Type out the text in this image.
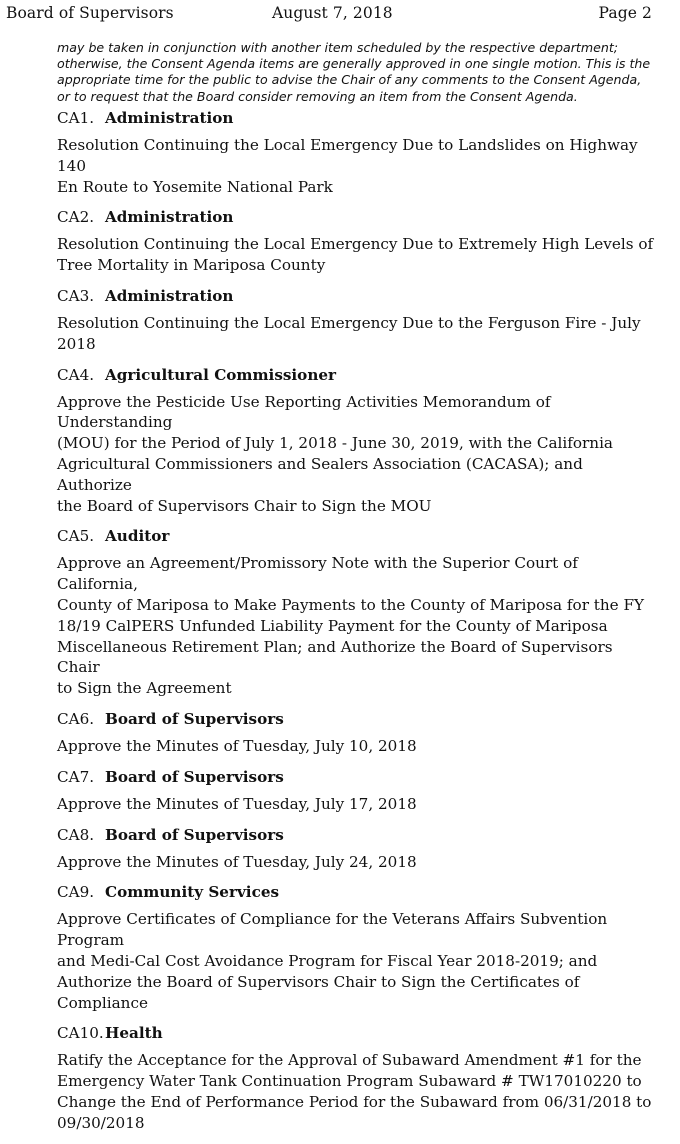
Board of Supervisors	August 7, 2018	Page 2

may be taken in conjunction with another item scheduled by the respective department; otherwise, the Consent Agenda items are generally approved in one single motion. This is the appropriate time for the public to advise the Chair of any comments to the Consent Agenda, or to request that the Board consider removing an item from the Consent Agenda.

CA1. Administration
Resolution Continuing the Local Emergency Due to Landslides on Highway 140
En Route to Yosemite National Park
CA2. Administration
Resolution Continuing the Local Emergency Due to Extremely High Levels of
Tree Mortality in Mariposa County
CA3. Administration
Resolution Continuing the Local Emergency Due to the Ferguson Fire - July
2018
CA4. Agricultural Commissioner
Approve the Pesticide Use Reporting Activities Memorandum of Understanding
(MOU) for the Period of July 1, 2018 - June 30, 2019, with the California
Agricultural Commissioners and Sealers Association (CACASA); and Authorize
the Board of Supervisors Chair to Sign the MOU
CA5. Auditor
Approve an Agreement/Promissory Note with the Superior Court of California,
County of Mariposa to Make Payments to the County of Mariposa for the FY
18/19 CalPERS Unfunded Liability Payment for the County of Mariposa
Miscellaneous Retirement Plan; and Authorize the Board of Supervisors Chair
to Sign the Agreement
CA6. Board of Supervisors
Approve the Minutes of Tuesday, July 10, 2018
CA7. Board of Supervisors
Approve the Minutes of Tuesday, July 17, 2018
CA8. Board of Supervisors
Approve the Minutes of Tuesday, July 24, 2018
CA9. Community Services
Approve Certificates of Compliance for the Veterans Affairs Subvention Program
and Medi-Cal Cost Avoidance Program for Fiscal Year 2018-2019; and
Authorize the Board of Supervisors Chair to Sign the Certificates of Compliance
CA10.Health
Ratify the Acceptance for the Approval of Subaward Amendment #1 for the
Emergency Water Tank Continuation Program Subaward # TW17010220 to
Change the End of Performance Period for the Subaward from 06/31/2018 to
09/30/2018
